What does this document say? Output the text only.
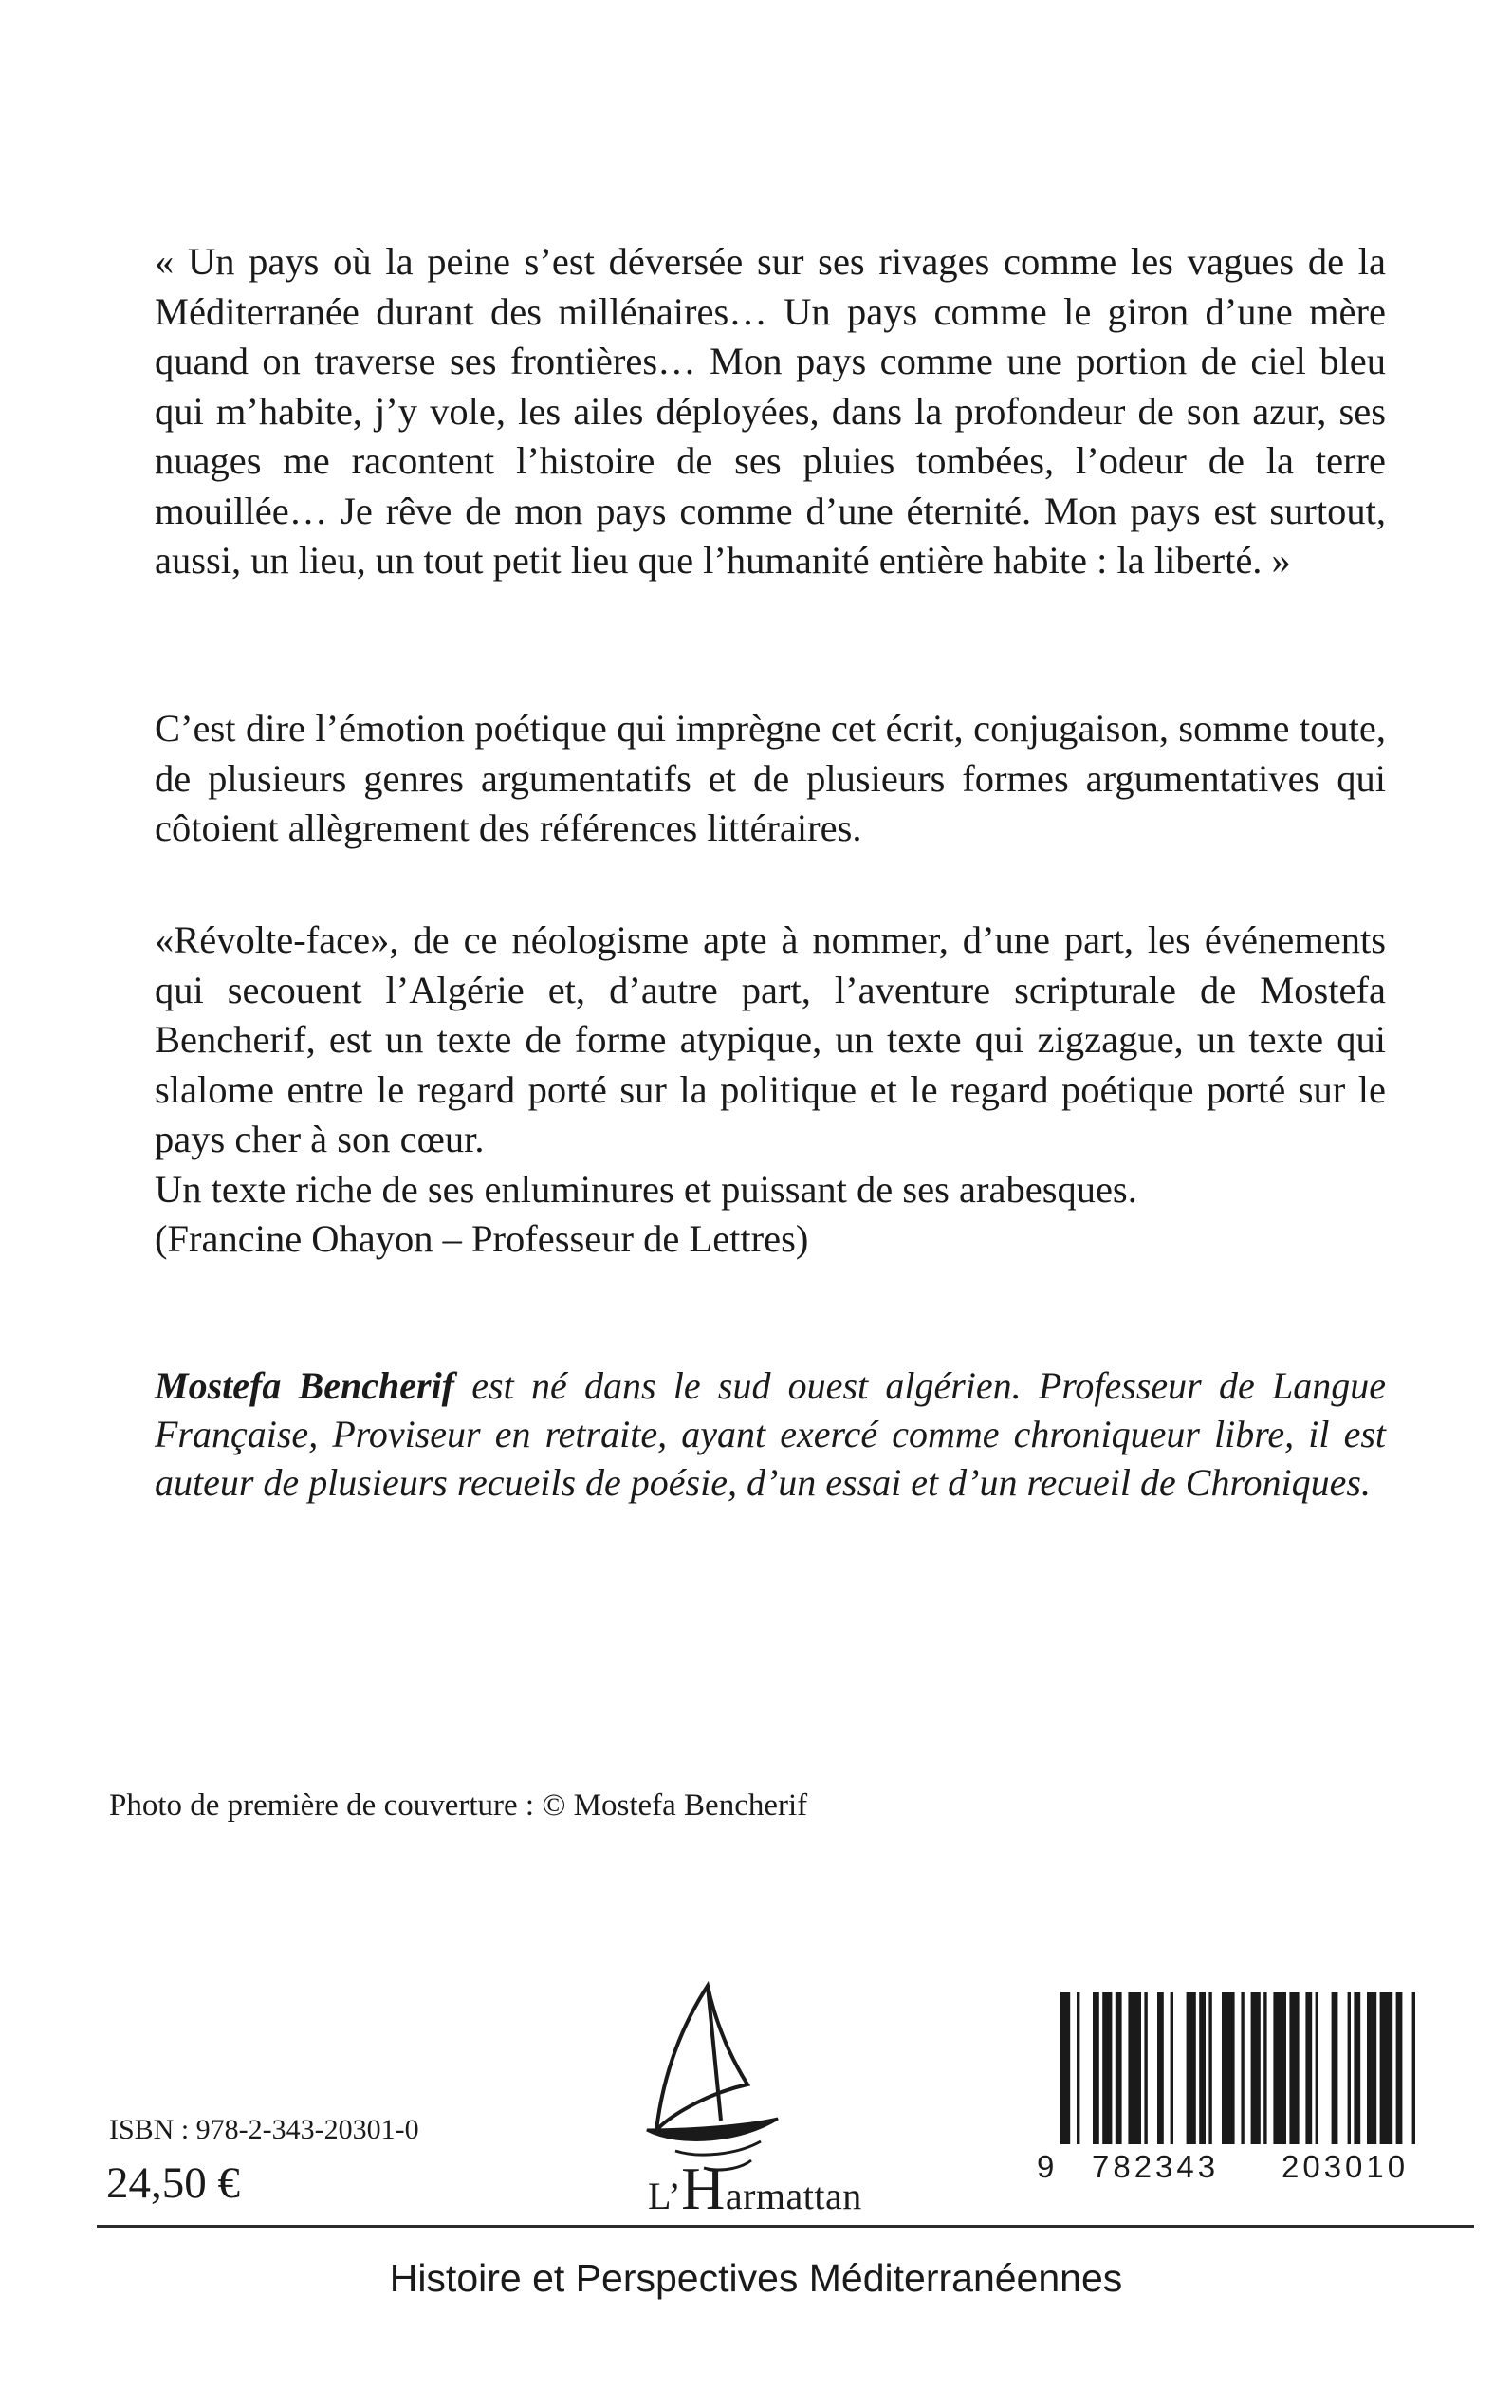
« Un pays où la peine s’est déversée sur ses rivages comme les vagues de la Méditerranée durant des millénaires… Un pays comme le giron d’une mère quand on traverse ses frontières… Mon pays comme une portion de ciel bleu qui m’habite, j’y vole, les ailes déployées, dans la profondeur de son azur, ses nuages me racontent l’histoire de ses pluies tombées, l’odeur de la terre mouillée… Je rêve de mon pays comme d’une éternité. Mon pays est surtout, aussi, un lieu, un tout petit lieu que l’humanité entière habite : la liberté. »

C’est dire l’émotion poétique qui imprègne cet écrit, conjugaison, somme toute, de plusieurs genres argumentatifs et de plusieurs formes argumentatives qui côtoient allègrement des références littéraires.

«Révolte-face», de ce néologisme apte à nommer, d’une part, les événements qui secouent l’Algérie et, d’autre part, l’aventure scripturale de Mostefa Bencherif, est un texte de forme atypique, un texte qui zigzague, un texte qui slalome entre le regard porté sur la politique et le regard poétique porté sur le pays cher à son cœur.

Un texte riche de ses enluminures et puissant de ses arabesques.

(Francine Ohayon – Professeur de Lettres)

Mostefa Bencherif est né dans le sud ouest algérien. Professeur de Langue Française, Proviseur en retraite, ayant exercé comme chroniqueur libre, il est auteur de plusieurs recueils de poésie, d’un essai et d’un recueil de Chroniques.
Photo de première de couverture : © Mostefa Bencherif
ISBN : 978-2-343-20301-0
24,50 €	L’Harmattan
9 782343 203010
Histoire et Perspectives Méditerranéennes
